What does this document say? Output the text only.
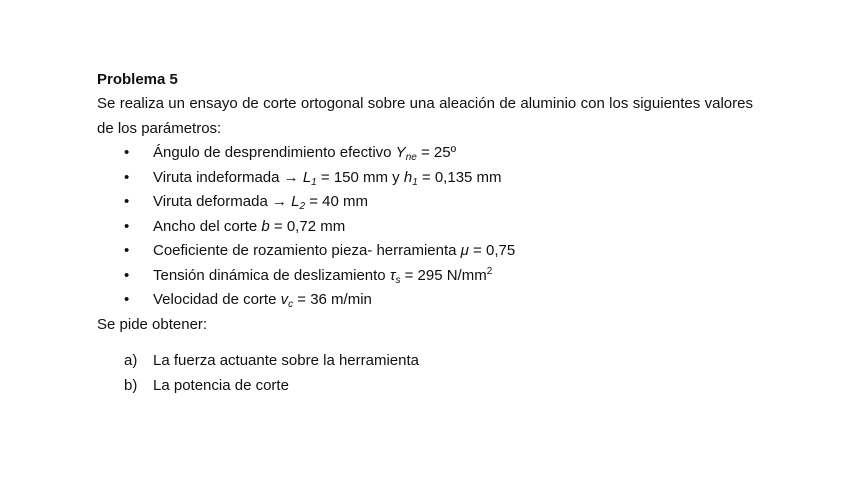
Problema 5
Se realiza un ensayo de corte ortogonal sobre una aleación de aluminio con los siguientes valores de los parámetros:
• Ángulo de desprendimiento efectivo $\Upsilon_{ne}$ = 25º
• Viruta indeformada → $L_1 = 150$ mm y $h_1 = 0,135$ mm
• Viruta deformada → $L_2 = 40$ mm
• Ancho del corte b = 0,72 mm
• Coeficiente de rozamiento pieza- herramienta μ = 0,75
• Tensión dinámica de deslizamiento $\tau_s = 295$ $N/mm^2$
• Velocidad de corte $v_c = 36$ m/min
Se pide obtener:
a) La fuerza actuante sobre la herramienta
b) La potencia de corte
